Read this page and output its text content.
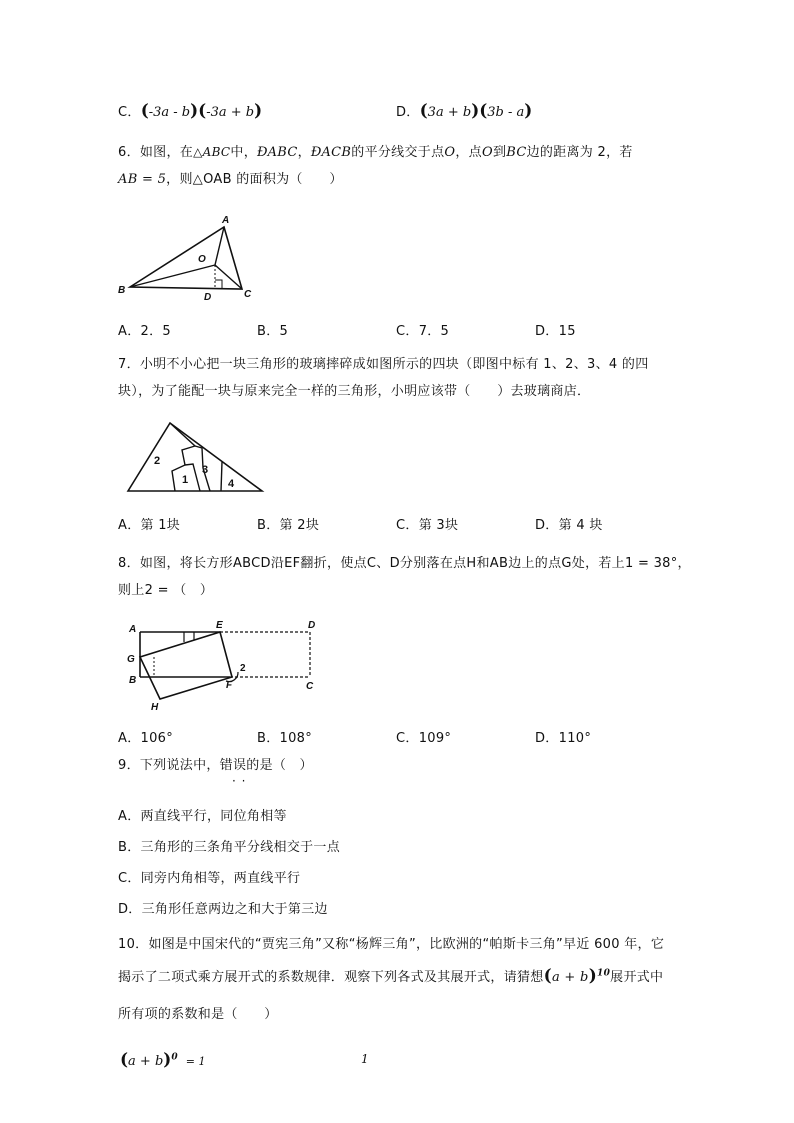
C．(-3a - b)(-3a + b)	D．(3a + b)(3b - a)
6．如图，在△ABC中，ÐABC，ÐACB的平分线交于点O，点O到BC边的距离为 2，若
AB = 5，则△OAB 的面积为（　　）
A
B	C
O
D
A．2．5	B．5	C．7．5	D．15
7．小明不小心把一块三角形的玻璃摔碎成如图所示的四块（即图中标有 1、2、3、4 的四
块），为了能配一块与原来完全一样的三角形，小明应该带（　　）去玻璃商店．
2
1
3
4
A．第 1块	B．第 2块	C．第 3块	D．第 4 块
8．如图，将长方形ABCD沿EF翻折，使点C、D分别落在点H和AB边上的点G处，若上1 = 38°，
则上2 = （　）
A	E	D
G
B	F	C
H
2
A．106°	B．108°	C．109°	D．110°
9．下列说法中，错误的是（　）
· ·
A．两直线平行，同位角相等
B．三角形的三条角平分线相交于一点
C．同旁内角相等，两直线平行
D．三角形任意两边之和大于第三边
10．如图是中国宋代的“贾宪三角”又称“杨辉三角”，比欧洲的“帕斯卡三角”早近 600 年，它
揭示了二项式乘方展开式的系数规律．观察下列各式及其展开式，请猜想$(a + b)^{10}$展开式中
所有项的系数和是（　　）
$(a + b)^0 = 1$	1
